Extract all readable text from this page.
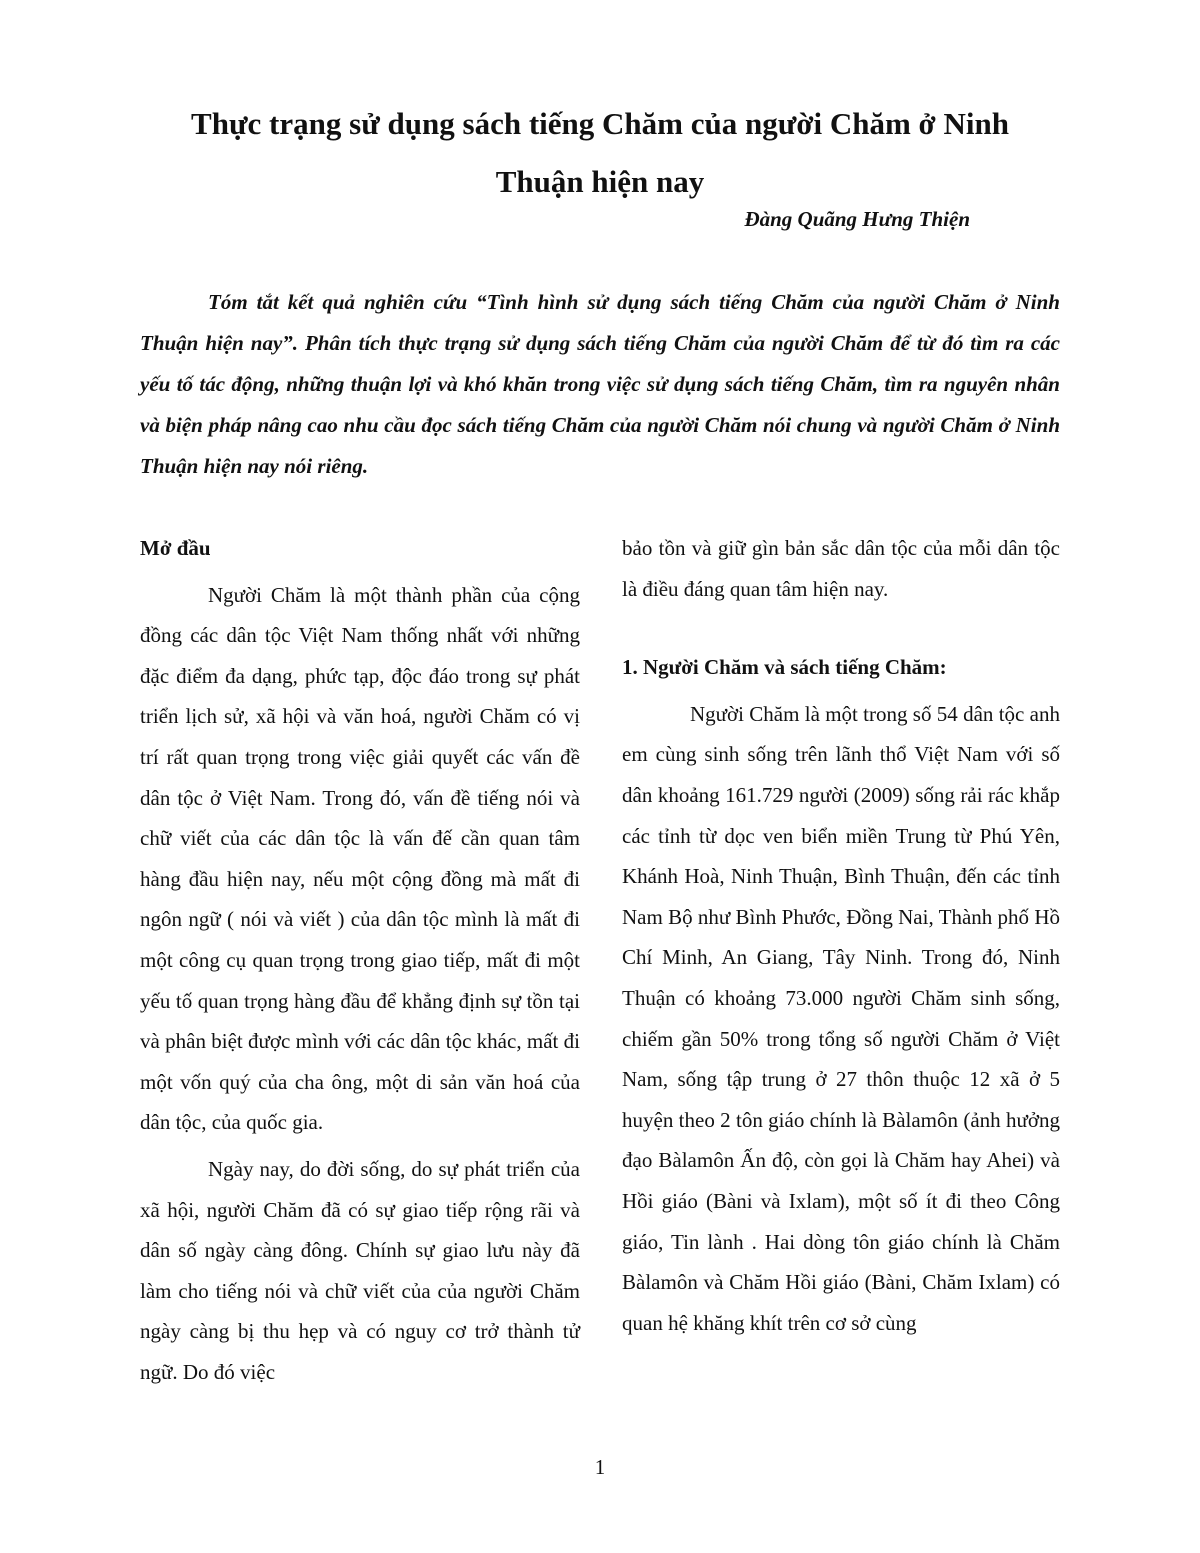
Thực trạng sử dụng sách tiếng Chăm của người Chăm ở Ninh Thuận hiện nay
Đàng Quãng Hưng Thiện

Tóm tắt kết quả nghiên cứu “Tình hình sử dụng sách tiếng Chăm của người Chăm ở Ninh Thuận hiện nay”. Phân tích thực trạng sử dụng sách tiếng Chăm của người Chăm để từ đó tìm ra các yếu tố tác động, những thuận lợi và khó khăn trong việc sử dụng sách tiếng Chăm, tìm ra nguyên nhân và biện pháp nâng cao nhu cầu đọc sách tiếng Chăm của người Chăm nói chung và người Chăm ở Ninh Thuận hiện nay nói riêng.

Mở đầu

Người Chăm là một thành phần của cộng đồng các dân tộc Việt Nam thống nhất với những đặc điểm đa dạng, phức tạp, độc đáo trong sự phát triển lịch sử, xã hội và văn hoá, người Chăm có vị trí rất quan trọng trong việc giải quyết các vấn đề dân tộc ở Việt Nam. Trong đó, vấn đề tiếng nói và chữ viết của các dân tộc là vấn đế cần quan tâm hàng đầu hiện nay, nếu một cộng đồng mà mất đi ngôn ngữ ( nói và viết ) của dân tộc mình là mất đi một công cụ quan trọng trong giao tiếp, mất đi một yếu tố quan trọng hàng đầu để khẳng định sự tồn tại và phân biệt được mình với các dân tộc khác, mất đi một vốn quý của cha ông, một di sản văn hoá của dân tộc, của quốc gia.

Ngày nay, do đời sống, do sự phát triển của xã hội, người Chăm đã có sự giao tiếp rộng rãi và dân số ngày càng đông. Chính sự giao lưu này đã làm cho tiếng nói và chữ viết của của người Chăm ngày càng bị thu hẹp và có nguy cơ trở thành tử ngữ. Do đó việc

bảo tồn và giữ gìn bản sắc dân tộc của mỗi dân tộc là điều đáng quan tâm hiện nay.

1. Người Chăm và sách tiếng Chăm:

Người Chăm là một trong số 54 dân tộc anh em cùng sinh sống trên lãnh thổ Việt Nam với số dân khoảng 161.729 người (2009) sống rải rác khắp các tỉnh từ dọc ven biển miền Trung từ Phú Yên, Khánh Hoà, Ninh Thuận, Bình Thuận, đến các tỉnh Nam Bộ như Bình Phước, Đồng Nai, Thành phố Hồ Chí Minh, An Giang, Tây Ninh. Trong đó, Ninh Thuận có khoảng 73.000 người Chăm sinh sống, chiếm gần 50% trong tổng số người Chăm ở Việt Nam, sống tập trung ở 27 thôn thuộc 12 xã ở 5 huyện theo 2 tôn giáo chính là Bàlamôn (ảnh hưởng đạo Bàlamôn Ấn độ, còn gọi là Chăm hay Ahei) và Hồi giáo (Bàni và Ixlam), một số ít đi theo Công giáo, Tin lành . Hai dòng tôn giáo chính là Chăm Bàlamôn và Chăm Hồi giáo (Bàni, Chăm Ixlam) có quan hệ khăng khít trên cơ sở cùng

1
